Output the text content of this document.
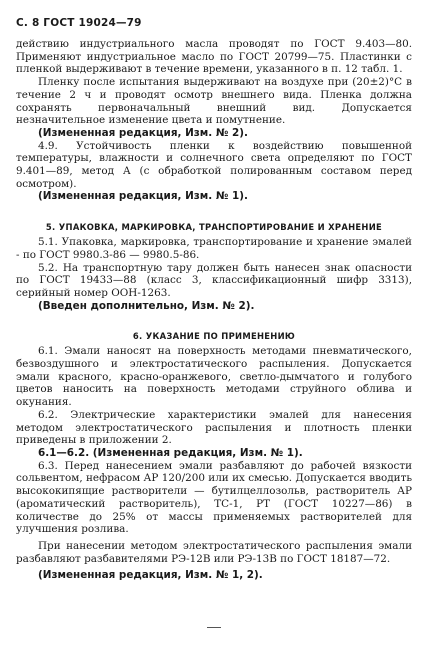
С. 8 ГОСТ 19024—79

действию индустриального масла проводят по ГОСТ 9.403—80. Применяют индустриальное масло по ГОСТ 20799—75. Пластинки с пленкой выдерживают в течение времени, указанного в п. 12 табл. 1.

Пленку после испытания выдерживают на воздухе при (20±2)°С в течение 2 ч и проводят осмотр внешнего вида. Пленка должна сохранять первоначальный внешний вид. Допускается незначительное изменение цвета и помутнение.

(Измененная редакция, Изм. № 2).

4.9. Устойчивость пленки к воздействию повышенной температуры, влажности и солнечного света определяют по ГОСТ 9.401—89, метод А (с обработкой полированным составом перед осмотром).

(Измененная редакция, Изм. № 1).

5. УПАКОВКА, МАРКИРОВКА, ТРАНСПОРТИРОВАНИЕ И ХРАНЕНИЕ

5.1. Упаковка, маркировка, транспортирование и хранение эмалей - по ГОСТ 9980.3-86 — 9980.5-86.

5.2. На транспортную тару должен быть нанесен знак опасности по ГОСТ 19433—88 (класс 3, классификационный шифр 3313), серийный номер ООН-1263.

(Введен дополнительно, Изм. № 2).

6. УКАЗАНИЕ ПО ПРИМЕНЕНИЮ

6.1. Эмали наносят на поверхность методами пневматического, безвоздушного и электростатического распыления. Допускается эмали красного, красно-оранжевого, светло-дымчатого и голубого цветов наносить на поверхность методами струйного облива и окунания.

6.2. Электрические характеристики эмалей для нанесения методом электростатического распыления и плотность пленки приведены в приложении 2.

6.1—6.2. (Измененная редакция, Изм. № 1).

6.3. Перед нанесением эмали разбавляют до рабочей вязкости сольвентом, нефрасом АР 120/200 или их смесью. Допускается вводить высококипящие растворители — бутилцеллозольв, растворитель АР (ароматический растворитель), ТС-1, РТ (ГОСТ 10227—86) в количестве до 25% от массы применяемых растворителей для улучшения розлива.

При нанесении методом электростатического распыления эмали разбавляют разбавителями РЭ-12В или РЭ-13В по ГОСТ 18187—72.

(Измененная редакция, Изм. № 1, 2).
